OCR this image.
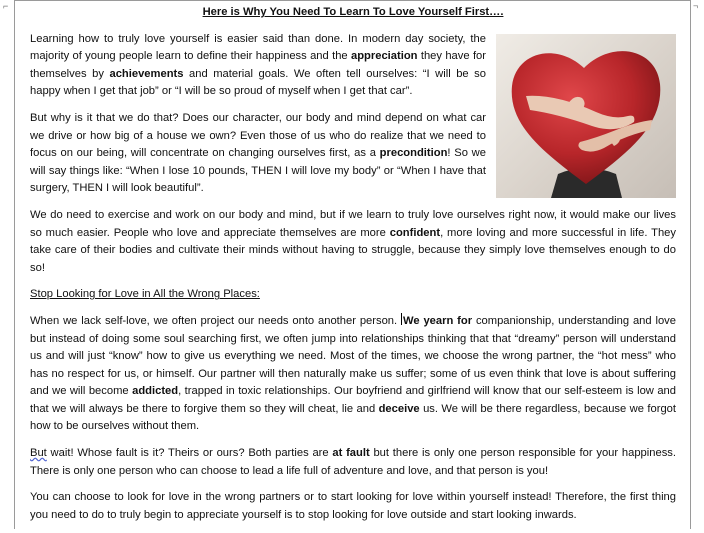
⌐	¬
Here is Why You Need To Learn To Love Yourself First….

Learning how to truly love yourself is easier said than done. In modern day society, the majority of young people learn to define their happiness and the appreciation they have for themselves by achievements and material goals. We often tell ourselves: “I will be so happy when I get that job” or “I will be so proud of myself when I get that car”.

But why is it that we do that? Does our character, our body and mind depend on what car we drive or how big of a house we own? Even those of us who do realize that we need to focus on our being, will concentrate on changing ourselves first, as a precondition! So we will say things like: “When I lose 10 pounds, THEN I will love my body” or “When I have that surgery, THEN I will look beautiful”.

We do need to exercise and work on our body and mind, but if we learn to truly love ourselves right now, it would make our lives so much easier. People who love and appreciate themselves are more confident, more loving and more successful in life. They take care of their bodies and cultivate their minds without having to struggle, because they simply love themselves enough to do so!

Stop Looking for Love in All the Wrong Places:

When we lack self-love, we often project our needs onto another person. We yearn for companionship, understanding and love but instead of doing some soul searching first, we often jump into relationships thinking that that “dreamy” person will understand us and will just “know” how to give us everything we need. Most of the times, we choose the wrong partner, the “hot mess” who has no respect for us, or himself. Our partner will then naturally make us suffer; some of us even think that love is about suffering and we will become addicted, trapped in toxic relationships. Our boyfriend and girlfriend will know that our self-esteem is low and that we will always be there to forgive them so they will cheat, lie and deceive us. We will be there regardless, because we forgot how to be ourselves without them.

But wait! Whose fault is it? Theirs or ours? Both parties are at fault but there is only one person responsible for your happiness. There is only one person who can choose to lead a life full of adventure and love, and that person is you!

You can choose to look for love in the wrong partners or to start looking for love within yourself instead! Therefore, the first thing you need to do to truly begin to appreciate yourself is to stop looking for love outside and start looking inwards.
